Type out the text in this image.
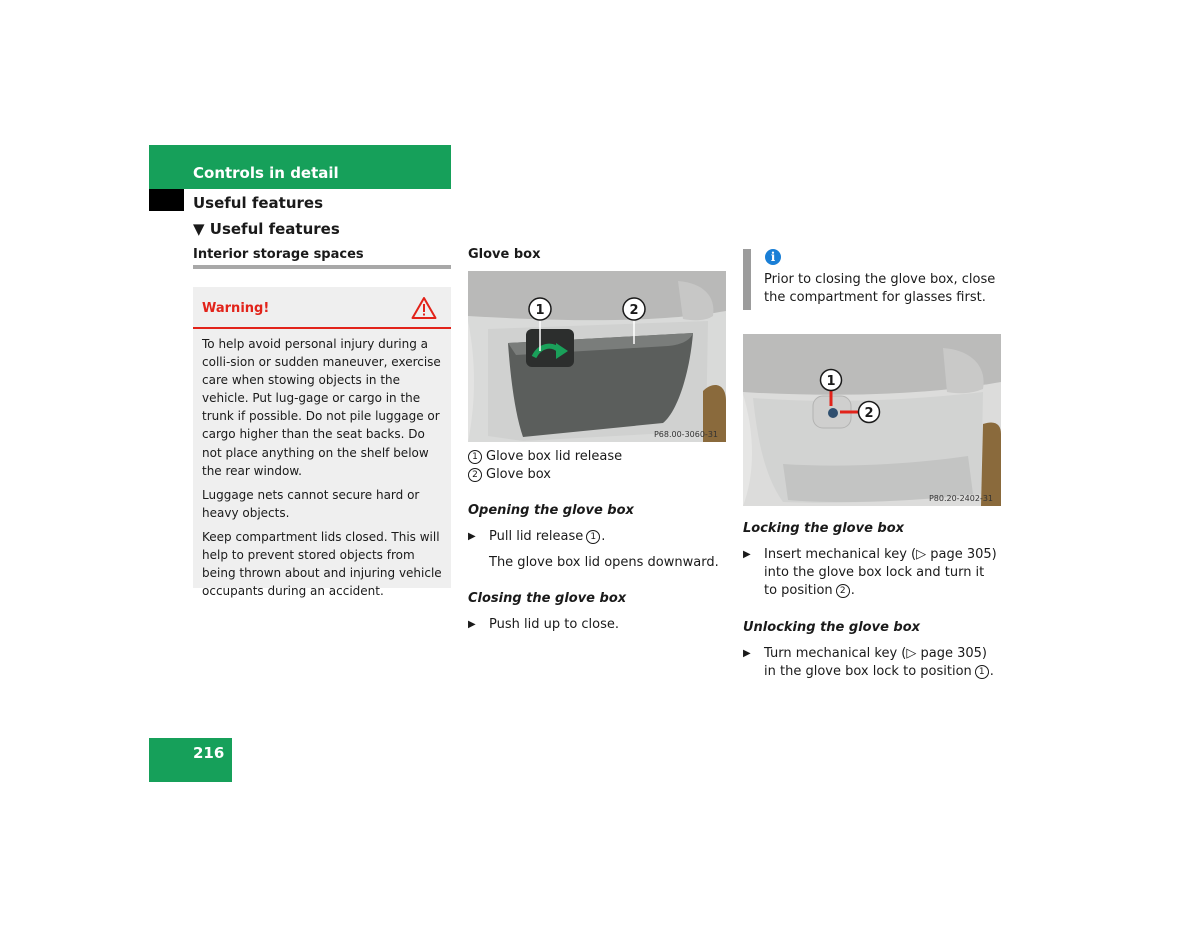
Controls in detail
Useful features
▼ Useful features
Interior storage spaces
Warning!

To help avoid personal injury during a colli-sion or sudden maneuver, exercise care when stowing objects in the vehicle. Put lug-gage or cargo in the trunk if possible. Do not pile luggage or cargo higher than the seat backs. Do not place anything on the shelf below the rear window.

Luggage nets cannot secure hard or heavy objects.

Keep compartment lids closed. This will help to prevent stored objects from being thrown about and injuring vehicle occupants during an accident.

Glove box
1	2
P68.00-3060-31
1 Glove box lid release
2 Glove box
Opening the glove box
▶ Pull lid release 1 .
The glove box lid opens downward.
Closing the glove box
▶ Push lid up to close.
i
Prior to closing the glove box, close the compartment for glasses first.
1
2
P80.20-2402-31
Locking the glove box
▶ Insert mechanical key (▷ page 305) into the glove box lock and turn it to position 2 .
Unlocking the glove box
▶ Turn mechanical key (▷ page 305) in the glove box lock to position 1 .
216
